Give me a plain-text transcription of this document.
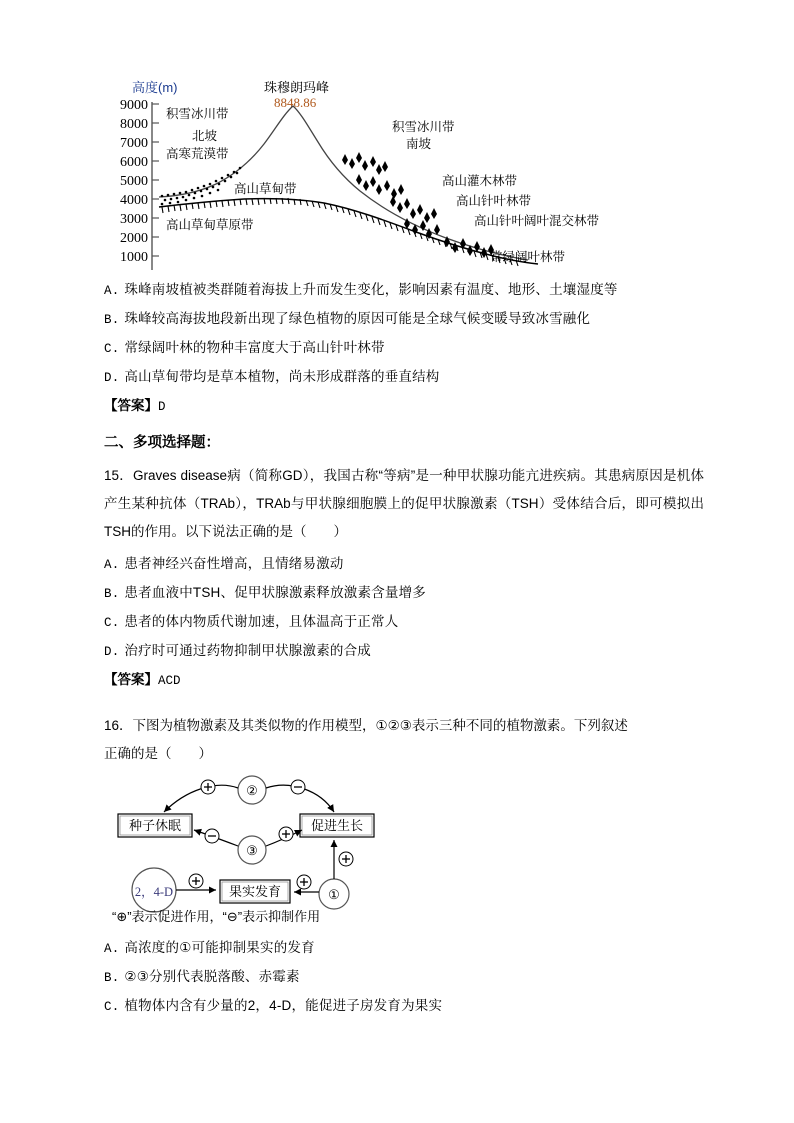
高度(m)	珠穆朗玛峰
8848.86
9000
8000
7000
6000
5000
4000
3000
2000
1000
积雪冰川带
北坡
高寒荒漠带
高山草甸草原带
高山草甸带
积雪冰川带
南坡
高山灌木林带
高山针叶林带
高山针叶阔叶混交林带
常绿阔叶林带
A. 珠峰南坡植被类群随着海拔上升而发生变化，影响因素有温度、地形、土壤湿度等
B. 珠峰较高海拔地段新出现了绿色植物的原因可能是全球气候变暖导致冰雪融化
C. 常绿阔叶林的物种丰富度大于高山针叶林带
D. 高山草甸带均是草本植物，尚未形成群落的垂直结构
【答案】D
二、多项选择题：
15．Graves disease病（简称GD），我国古称“等病”是一种甲状腺功能亢进疾病。其患病原因是机体产生某种抗体（TRAb），TRAb与甲状腺细胞膜上的促甲状腺激素（TSH）受体结合后，即可模拟出TSH的作用。以下说法正确的是（　　）
A. 患者神经兴奋性增高，且情绪易激动
B. 患者血液中TSH、促甲状腺激素释放激素含量增多
C. 患者的体内物质代谢加速，且体温高于正常人
D. 治疗时可通过药物抑制甲状腺激素的合成
【答案】ACD
16．下图为植物激素及其类似物的作用模型，①②③表示三种不同的植物激素。下列叙述
正确的是（　　）
②
③
①
2，4-D
种子休眠	促进生长
果实发育
“⊕”表示促进作用，“⊖”表示抑制作用
A. 高浓度的①可能抑制果实的发育
B. ②③分别代表脱落酸、赤霉素
C. 植物体内含有少量的2，4-D，能促进子房发育为果实
